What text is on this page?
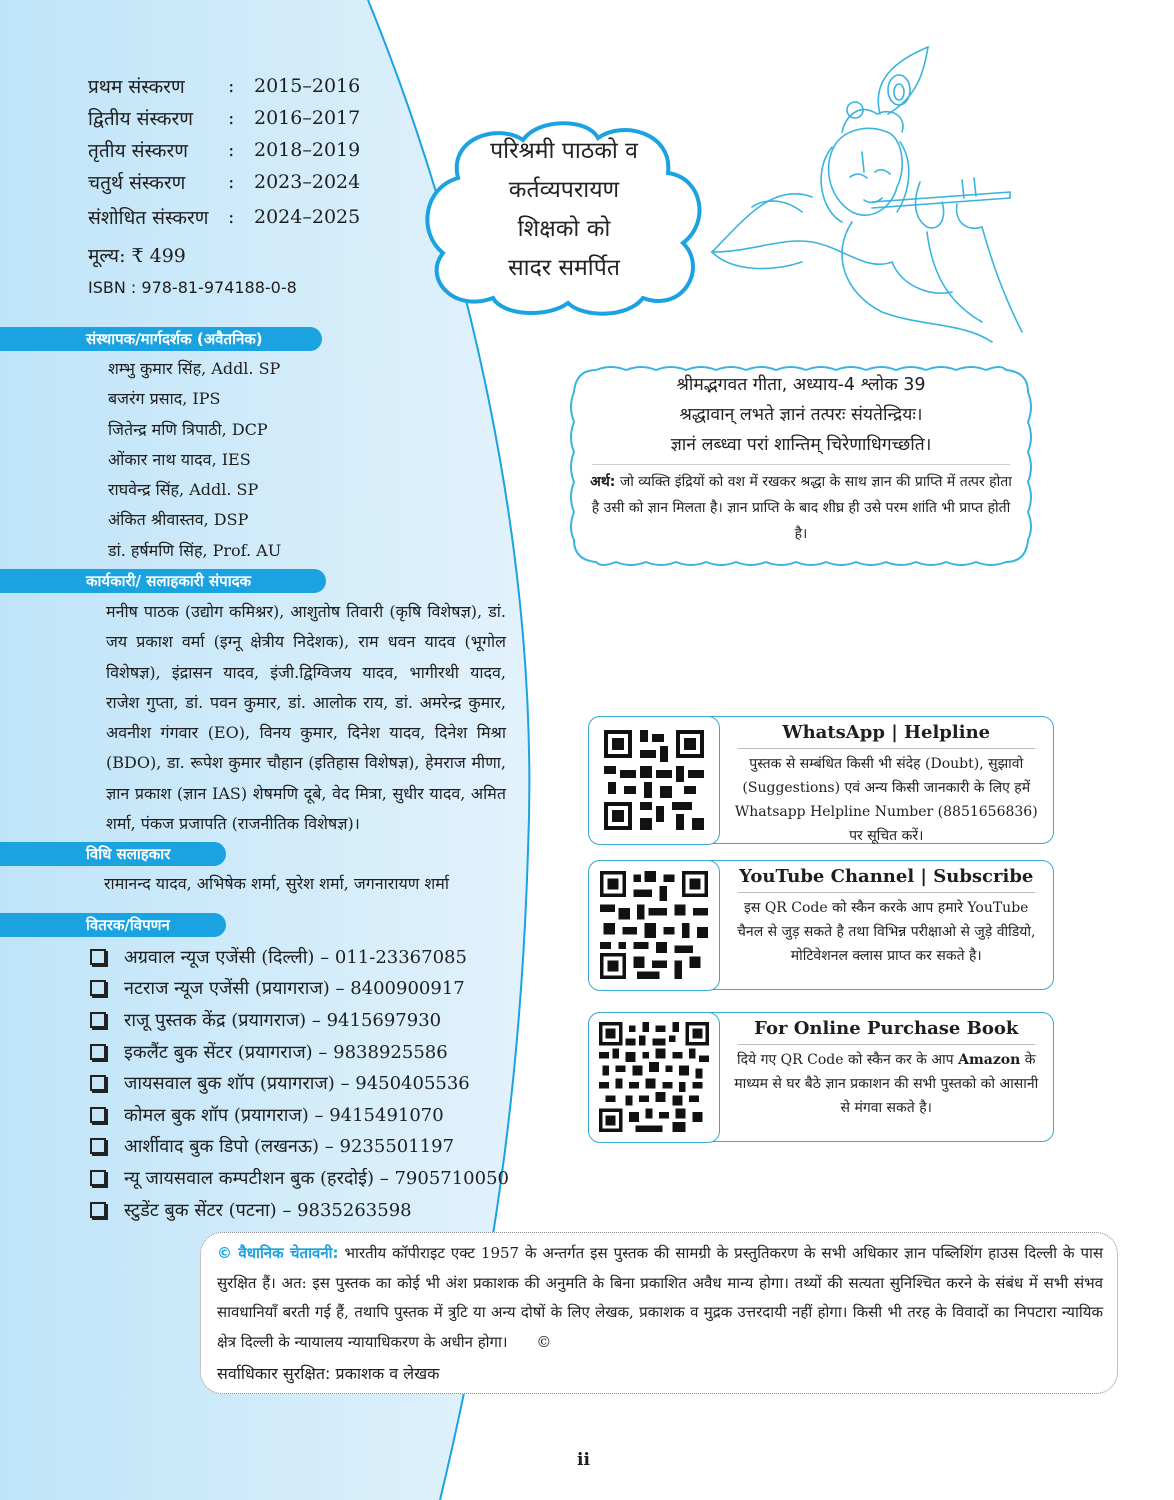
प्रथम संस्करण	:	2015–2016
द्वितीय संस्करण	:	2016–2017
तृतीय संस्करण	:	2018–2019
चतुर्थ संस्करण	:	2023–2024
संशोधित संस्करण	:	2024–2025
मूल्य: ₹ 499
ISBN : 978-81-974188-0-8
संस्थापक/मार्गदर्शक (अवैतनिक)
शम्भु कुमार सिंह, Addl. SP
बजरंग प्रसाद, IPS
जितेन्द्र मणि त्रिपाठी, DCP
ओंकार नाथ यादव, IES
राघवेन्द्र सिंह, Addl. SP
अंकित श्रीवास्तव, DSP
डां. हर्षमणि सिंह, Prof. AU
कार्यकारी/ सलाहकारी संपादक
मनीष पाठक (उद्योग कमिश्नर), आशुतोष तिवारी (कृषि विशेषज्ञ), डां. जय प्रकाश वर्मा (इग्नू क्षेत्रीय निदेशक), राम धवन यादव (भूगोल विशेषज्ञ), इंद्रासन यादव, इंजी.द्विग्विजय यादव, भागीरथी यादव, राजेश गुप्ता, डां. पवन कुमार, डां. आलोक राय, डां. अमरेन्द्र कुमार, अवनीश गंगवार (EO), विनय कुमार, दिनेश यादव, दिनेश मिश्रा (BDO), डा. रूपेश कुमार चौहान (इतिहास विशेषज्ञ), हेमराज मीणा, ज्ञान प्रकाश (ज्ञान IAS) शेषमणि दूबे, वेद मित्रा, सुधीर यादव, अमित शर्मा, पंकज प्रजापति (राजनीतिक विशेषज्ञ)।
विधि सलाहकार
रामानन्द यादव, अभिषेक शर्मा, सुरेश शर्मा, जगनारायण शर्मा
वितरक/विपणन
अग्रवाल न्यूज एजेंसी (दिल्ली) – 011-23367085
नटराज न्यूज एजेंसी (प्रयागराज) – 8400900917
राजू पुस्तक केंद्र (प्रयागराज) – 9415697930
इकलैंट बुक सेंटर (प्रयागराज) – 9838925586
जायसवाल बुक शॉप (प्रयागराज) – 9450405536
कोमल बुक शॉप (प्रयागराज) – 9415491070
आर्शीवाद बुक डिपो (लखनऊ) – 9235501197
न्यू जायसवाल कम्पटीशन बुक (हरदोई) – 7905710050
स्टुडेंट बुक सेंटर (पटना) – 9835263598
परिश्रमी पाठको व
कर्तव्यपरायण
शिक्षको को
सादर समर्पित
श्रीमद्भगवत गीता, अध्याय-4 श्लोक 39
श्रद्धावान् लभते ज्ञानं तत्परः संयतेन्द्रियः।
ज्ञानं लब्ध्वा परां शान्तिम् चिरेणाधिगच्छति।
अर्थ: जो व्यक्ति इंद्रियों को वश में रखकर श्रद्धा के साथ ज्ञान की प्राप्ति में तत्पर होता है उसी को ज्ञान मिलता है। ज्ञान प्राप्ति के बाद शीघ्र ही उसे परम शांति भी प्राप्त होती है।
WhatsApp | Helpline
पुस्तक से सम्बंधित किसी भी संदेह (Doubt), सुझावो (Suggestions) एवं अन्य किसी जानकारी के लिए हमें Whatsapp Helpline Number (8851656836) पर सूचित करें।
YouTube Channel | Subscribe
इस QR Code को स्कैन करके आप हमारे YouTube चैनल से जुड़ सकते है तथा विभिन्न परीक्षाओ से जुड़े वीडियो, मोटिवेशनल क्लास प्राप्त कर सकते है।
For Online Purchase Book
दिये गए QR Code को स्कैन कर के आप Amazon के माध्यम से घर बैठे ज्ञान प्रकाशन की सभी पुस्तको को आसानी से मंगवा सकते है।
© वैधानिक चेतावनी: भारतीय कॉपीराइट एक्ट 1957 के अन्तर्गत इस पुस्तक की सामग्री के प्रस्तुतिकरण के सभी अधिकार ज्ञान पब्लिशिंग हाउस दिल्ली के पास सुरक्षित हैं। अत: इस पुस्तक का कोई भी अंश प्रकाशक की अनुमति के बिना प्रकाशित अवैध मान्य होगा। तथ्यों की सत्यता सुनिश्चित करने के संबंध में सभी संभव सावधानियाँ बरती गई हैं, तथापि पुस्तक में त्रुटि या अन्य दोषों के लिए लेखक, प्रकाशक व मुद्रक उत्तरदायी नहीं होगा। किसी भी तरह के विवादों का निपटारा न्यायिक क्षेत्र दिल्ली के न्यायालय न्यायाधिकरण के अधीन होगा। ©
सर्वाधिकार सुरक्षित: प्रकाशक व लेखक
ii
